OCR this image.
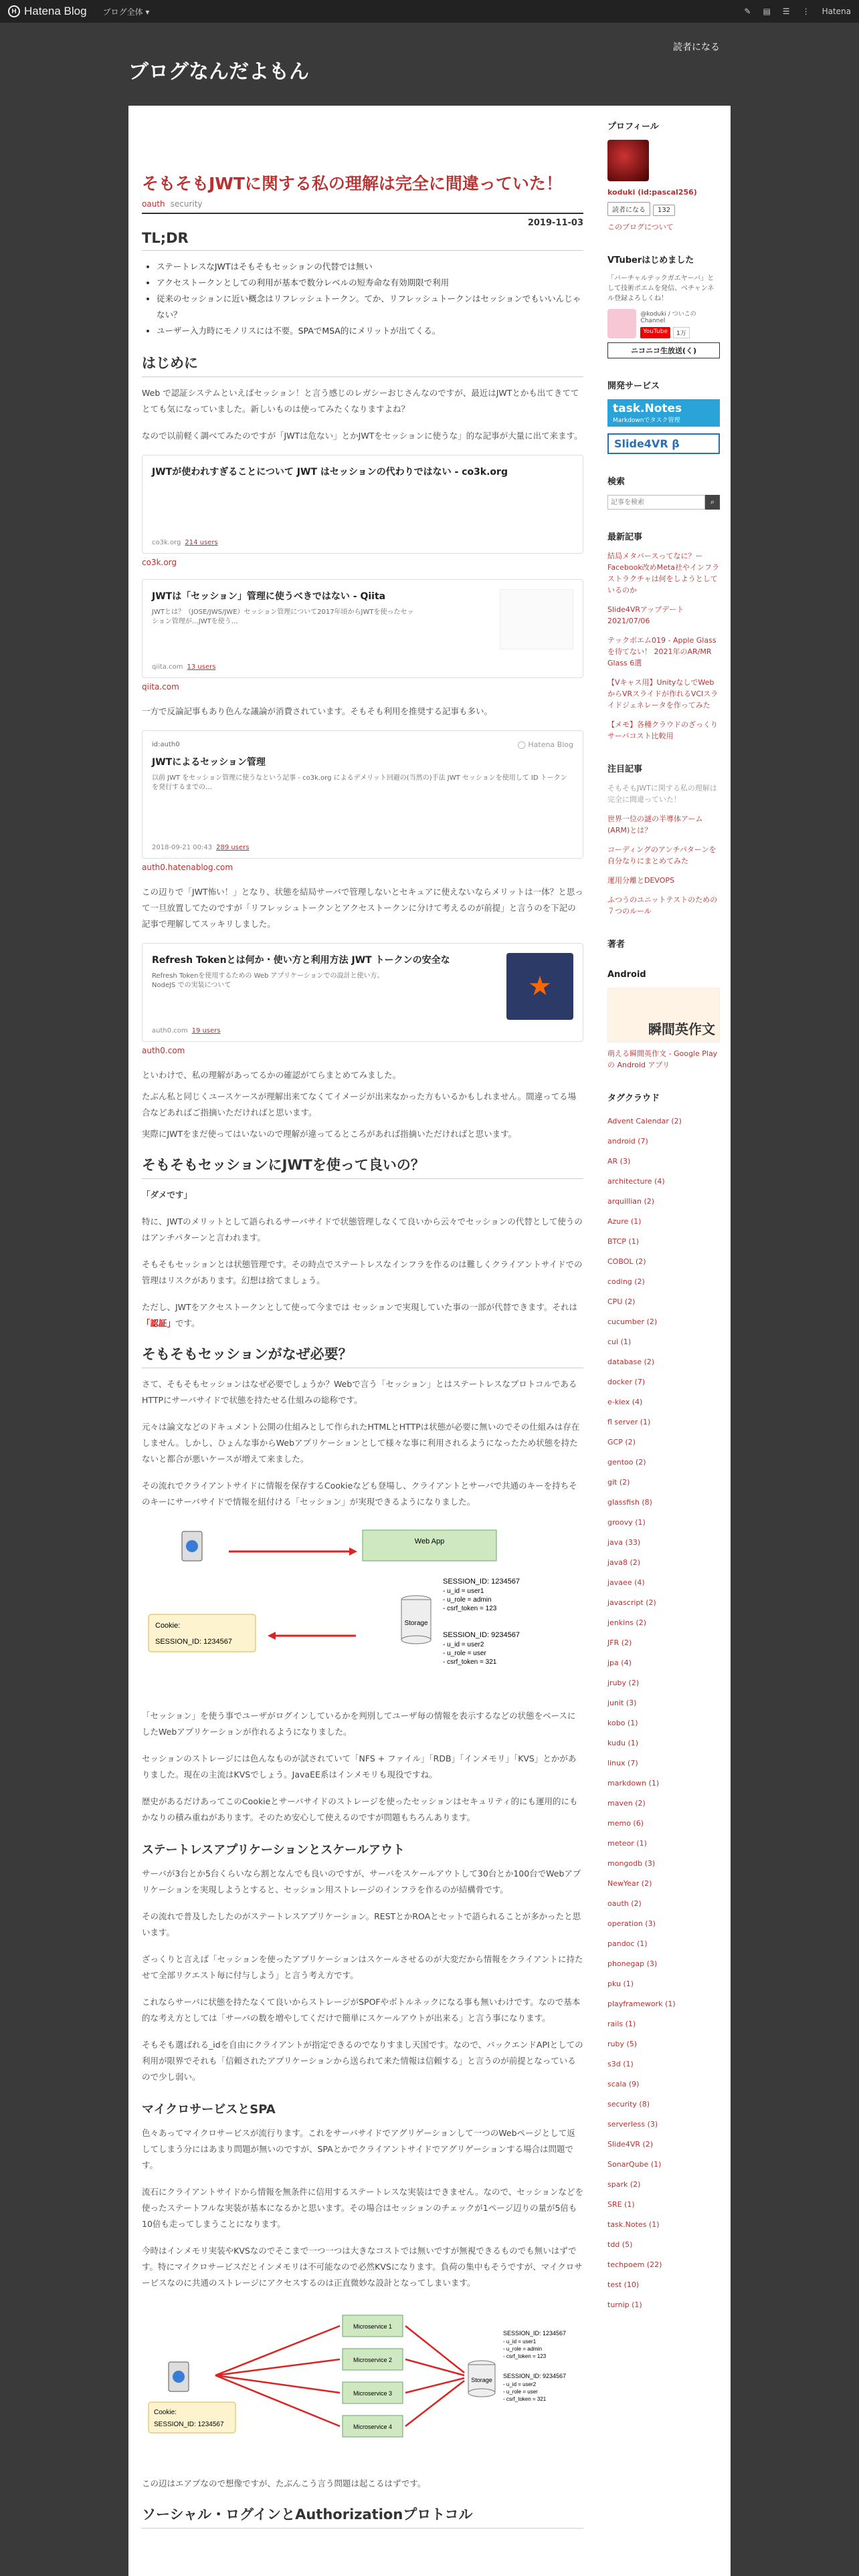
H Hatena Blog ブログ全体 ▾	✎ ▤ ☰ ⋮ Hatena
ブログなんだよもん
読者になる
そもそもJWTに関する私の理解は完全に間違っていた！
oauth security
2019-11-03
TL;DR
• ステートレスなJWTはそもそもセッションの代替では無い
• アクセストークンとしての利用が基本で数分レベルの短寿命な有効期限で利用
• 従来のセッションに近い概念はリフレッシュトークン。てか、リフレッシュトークンはセッションでもいいんじゃない？
• ユーザー入力時にモノリスには不要。SPAでMSA的にメリットが出てくる。
はじめに

Web で認証システムといえばセッション！と言う感じのレガシーおじさんなのですが、最近はJWTとかも出てきててとても気になっていました。新しいものは使ってみたくなりますよね？

なので以前軽く調べてみたのですが「JWTは危ない」とかJWTをセッションに使うな」的な記事が大量に出て来ます。

JWTが使われすぎることについて JWT はセッションの代わりではない - co3k.org
co3k.org 214 users
co3k.org
JWTは「セッション」管理に使うべきではない - Qiita
JWTとは？（JOSE/JWS/JWE）セッション管理について2017年頃からJWTを使ったセッション管理が…JWTを使う…
qiita.com 13 users
qiita.com

一方で反論記事もあり色んな議論が消費されています。そもそも利用を推奨する記事も多い。

id:auth0
JWTによるセッション管理
以前 JWT をセッション管理に使うなという記事 - co3k.org によるデメリット回避の(当然の)手法 JWT セッションを使用して ID トークンを発行するまでの…
◯ Hatena Blog
2018-09-21 00:43 289 users
auth0.hatenablog.com

この辺りで「JWT怖い！」となり、状態を結局サーバで管理しないとセキュアに使えないならメリットは一体？と思って一旦放置してたのですが「リフレッシュトークンとアクセストークンに分けて考えるのが前提」と言うのを下記の記事で理解してスッキリしました。

Refresh Tokenとは何か・使い方と利用方法 JWT トークンの安全な
Refresh Tokenを使用するための Web アプリケーションでの設計と使い方、NodeJS での実装について	★
auth0.com 19 users
auth0.com

といわけで、私の理解があってるかの確認がてらまとめてみました。

たぶん私と同じくユースケースが理解出来てなくてイメージが出来なかった方もいるかもしれません。間違ってる場合などあればご指摘いただければと思います。

実際にJWTをまだ使ってはいないので理解が違ってるところがあれば指摘いただければと思います。

そもそもセッションにJWTを使って良いの？

「ダメです」

特に、JWTのメリットとして語られるサーバサイドで状態管理しなくて良いから云々でセッションの代替として使うのはアンチパターンと言われます。

そもそもセッションとは状態管理です。その時点でステートレスなインフラを作るのは難しくクライアントサイドでの管理はリスクがあります。幻想は捨てましょう。

ただし、JWTをアクセストークンとして使って今までは セッションで実現していた事の一部が代替できます。それは「認証」です。

そもそもセッションがなぜ必要？

さて、そもそもセッションはなぜ必要でしょうか？Webで言う「セッション」とはステートレスなプロトコルであるHTTPにサーバサイドで状態を持たせる仕組みの総称です。

元々は論文などのドキュメント公開の仕組みとして作られたHTMLとHTTPは状態が必要に無いのでその仕組みは存在しません。しかし、ひょんな事からWebアプリケーションとして様々な事に利用されるようになったため状態を持たないと都合が悪いケースが増えて来ました。

その流れでクライアントサイドに情報を保存するCookieなども登場し、クライアントとサーバで共通のキーを持ちそのキーにサーバサイドで情報を紐付ける「セッション」が実現できるようになりました。

Web App
Cookie:
SESSION_ID: 1234567
Storage
SESSION_ID: 1234567
- u_id = user1
- u_role = admin
- csrf_token = 123
SESSION_ID: 9234567
- u_id = user2
- u_role = user
- csrf_token = 321

「セッション」を使う事でユーザがログインしているかを判別してユーザ毎の情報を表示するなどの状態をベースにしたWebアプリケーションが作れるようになりました。

セッションのストレージには色んなものが試されていて「NFS + ファイル」「RDB」「インメモリ」「KVS」とかがありました。現在の主流はKVSでしょう。JavaEE系はインメモリも現役ですね。

歴史があるだけあってこのCookieとサーバサイドのストレージを使ったセッションはセキュリティ的にも運用的にもかなりの積み重ねがあります。そのため安心して使えるのですが問題もちろんあります。

ステートレスアプリケーションとスケールアウト

サーバが3台とか5台くらいなら割となんでも良いのですが、サーバをスケールアウトして30台とか100台でWebアプリケーションを実現しようとすると、セッション用ストレージのインフラを作るのが結構骨です。

その流れで普及したしたのがステートレスアプリケーション。RESTとかROAとセットで語られることが多かったと思います。

ざっくりと言えば「セッションを使ったアプリケーションはスケールさせるのが大変だから情報をクライアントに持たせて全部リクエスト毎に付与しよう」と言う考え方です。

これならサーバに状態を持たなくて良いからストレージがSPOFやボトルネックになる事も無いわけです。なので基本的な考え方としては「サーバの数を増やしてくだけで簡単にスケールアウトが出来る」と言う事になります。

そもそも選ばれる_idを自由にクライアントが指定できるのでなりすまし天国です。なので、バックエンドAPIとしての利用が限界でそれも「信頼されたアプリケーションから送られて来た情報は信頼する」と言うのが前提となっているので少し弱い。

マイクロサービスとSPA

色々あってマイクロサービスが流行ります。これをサーバサイドでアグリゲーションして一つのWebページとして返してしまう分にはあまり問題が無いのですが、SPAとかでクライアントサイドでアグリゲーションする場合は問題です。

流石にクライアントサイドから情報を無条件に信用するステートレスな実装はできません。なので、セッションなどを使ったステートフルな実装が基本になるかと思います。その場合はセッションのチェックが1ページ辺りの量が5倍も10倍も走ってしまうことになります。

今時はインメモリ実装やKVSなのでそこまで一つ一つは大きなコストでは無いですが無視できるものでも無いはずです。特にマイクロサービスだとインメモリは不可能なので必然KVSになります。負荷の集中もそうですが、マイクロサービスなのに共通のストレージにアクセスするのは正直微妙な設計となってしまいます。

Cookie:
SESSION_ID: 1234567
Microservice 1
Microservice 2
Microservice 3
Microservice 4
Storage
SESSION_ID: 1234567
- u_id = user1
- u_role = admin
- csrf_token = 123
SESSION_ID: 9234567
- u_id = user2
- u_role = user
- csrf_token = 321

この辺はエアプなので想像ですが、たぶんこう言う問題は起こるはずです。

ソーシャル・ログインとAuthorizationプロトコル
プロフィール
koduki (id:pascal256)
読者になる 132
このブログについて
VTuberはじめました
「バーチャルテックガエヤーバ」として技術ポエムを発信、ベチャンネル登録よろしくね！
@koduki / ついこのChannel
YouTube	1万
ニコニコ生放送(く)
開発サービス
task.Notes
Markdownでタスク管理
Slide4VR β
検索
記事を検索
⌕
最新記事
結局メタバースってなに？ーFacebook改めMeta社やインフラストラクチャは何をしようとしているのか
Slide4VRアップデート2021/07/06
テックボエム019 - Apple Glassを待てない！ 2021年のAR/MR Glass 6選
【Vキャス用】UnityなしでWebからVRスライドが作れるVCIスライドジェネレータを作ってみた
【メモ】各種クラウドのざっくりサーバコスト比較用
注目記事
そもそもJWTに関する私の理解は完全に間違っていた！
世界一位の謎の半導体アーム (ARM)とは？
コーディングのアンチパターンを自分なりにまとめてみた
運用分離とDEVOPS
ふつうのユニットテストのための７つのルール
著者
Android
瞬間英作文
萌える瞬間英作文 - Google Play の Android アプリ
タグクラウド
Advent Calendar (2)
android (7)
AR (3)
architecture (4)
arquillian (2)
Azure (1)
BTCP (1)
COBOL (2)
coding (2)
CPU (2)
cucumber (2)
cui (1)
database (2)
docker (7)
e-kiex (4)
fl server (1)
GCP (2)
gentoo (2)
git (2)
glassfish (8)
groovy (1)
java (33)
java8 (2)
javaee (4)
javascript (2)
jenkins (2)
JFR (2)
jpa (4)
jruby (2)
junit (3)
kobo (1)
kudu (1)
linux (7)
markdown (1)
maven (2)
memo (6)
meteor (1)
mongodb (3)
NewYear (2)
oauth (2)
operation (3)
pandoc (1)
phonegap (3)
pku (1)
playframework (1)
rails (1)
ruby (5)
s3d (1)
scala (9)
security (8)
serverless (3)
Slide4VR (2)
SonarQube (1)
spark (2)
SRE (1)
task.Notes (1)
tdd (5)
techpoem (22)
test (10)
turnip (1)
